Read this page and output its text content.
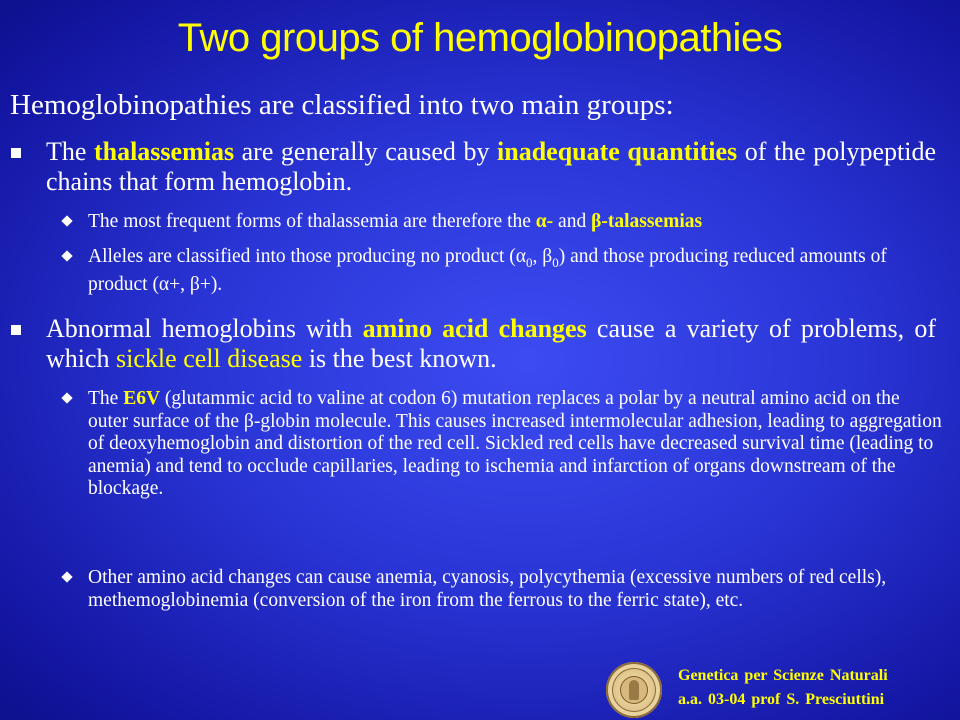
Two groups of hemoglobinopathies
Hemoglobinopathies are classified into two main groups:
The thalassemias are generally caused by inadequate quantities of the polypeptide chains that form hemoglobin.
The most frequent forms of thalassemia are therefore the α- and β-talassemias
Alleles are classified into those producing no product ($\alpha_0$, $\beta_0$) and those producing reduced amounts of product (α+, β+).
Abnormal hemoglobins with amino acid changes cause a variety of problems, of which sickle cell disease is the best known.
The E6V (glutammic acid to valine at codon 6) mutation replaces a polar by a neutral amino acid on the outer surface of the β-globin molecule. This causes increased intermolecular adhesion, leading to aggregation of deoxyhemoglobin and distortion of the red cell. Sickled red cells have decreased survival time (leading to anemia) and tend to occlude capillaries, leading to ischemia and infarction of organs downstream of the blockage.
Other amino acid changes can cause anemia, cyanosis, polycythemia (excessive numbers of red cells), methemoglobinemia (conversion of the iron from the ferrous to the ferric state), etc.
Genetica per Scienze Naturali
a.a. 03-04 prof S. Presciuttini
